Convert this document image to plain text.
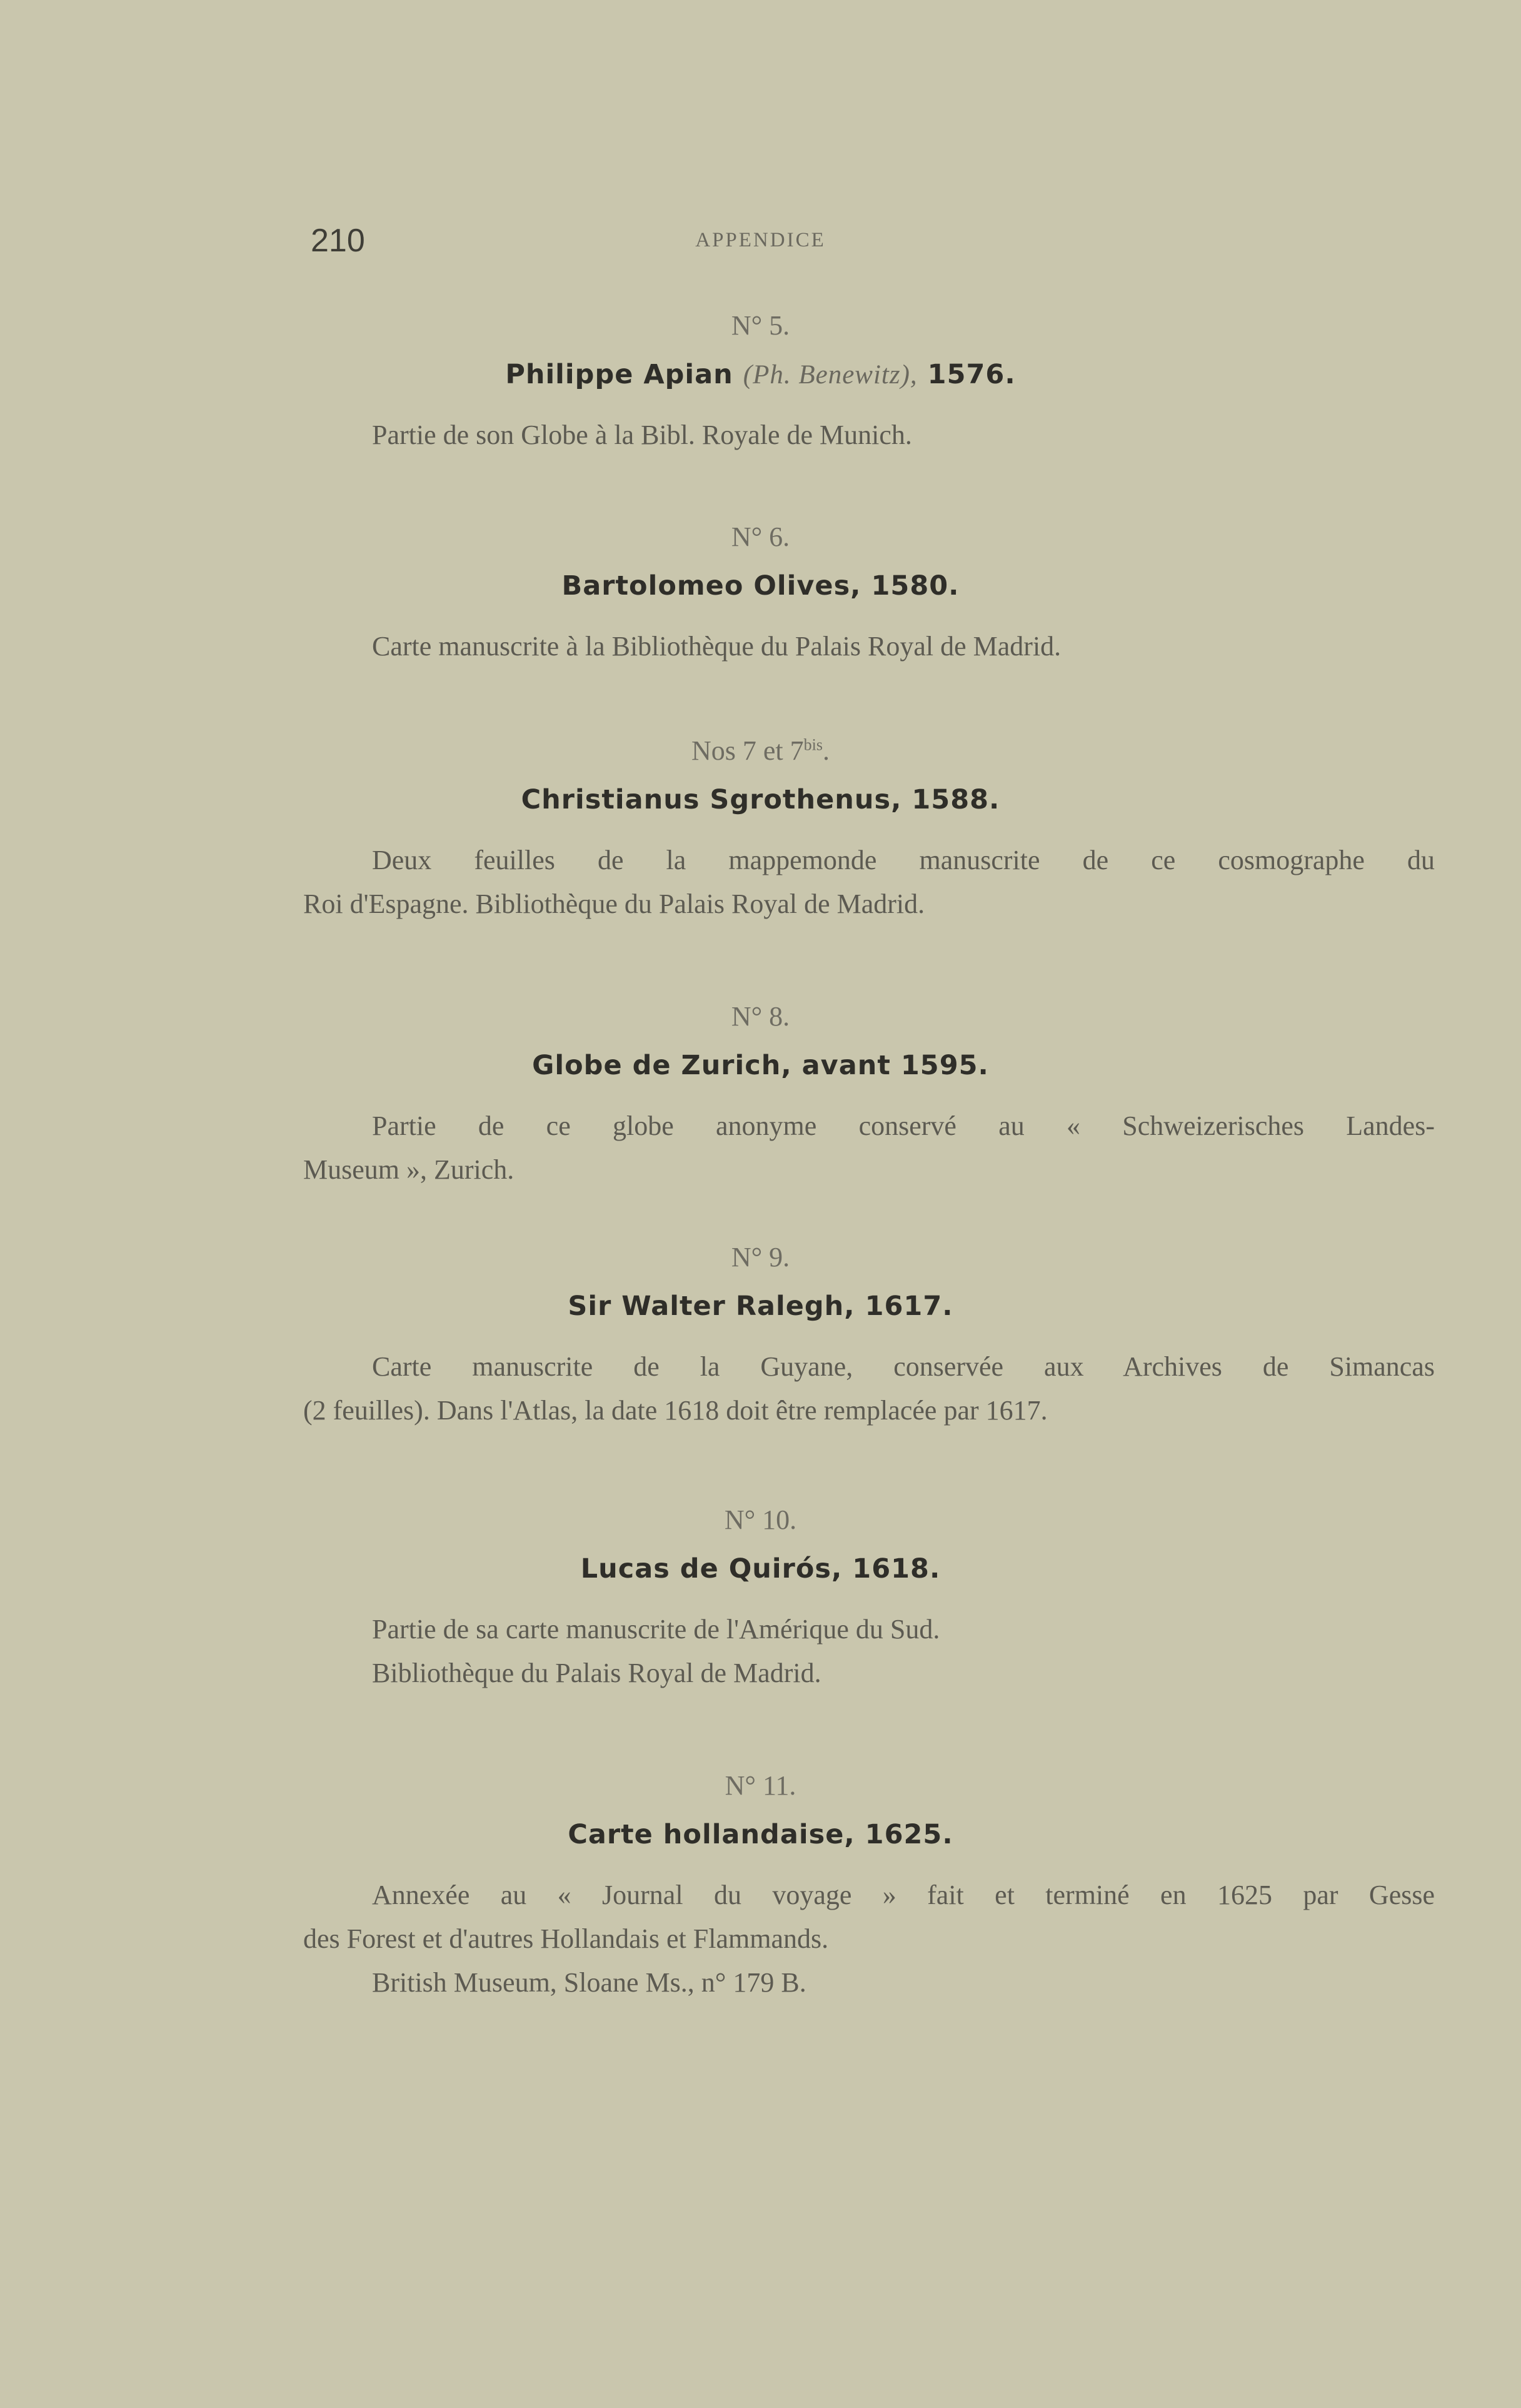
210	APPENDICE
N° 5.
Philippe Apian (Ph. Benewitz), 1576.
Partie de son Globe à la Bibl. Royale de Munich.
N° 6.
Bartolomeo Olives, 1580.
Carte manuscrite à la Bibliothèque du Palais Royal de Madrid.
Nos 7 et $7^{bis}$.
Christianus Sgrothenus, 1588.
Deux feuilles de la mappemonde manuscrite de ce cosmographe du
Roi d'Espagne. Bibliothèque du Palais Royal de Madrid.
N° 8.
Globe de Zurich, avant 1595.
Partie de ce globe anonyme conservé au « Schweizerisches Landes-
Museum », Zurich.
N° 9.
Sir Walter Ralegh, 1617.
Carte manuscrite de la Guyane, conservée aux Archives de Simancas
(2 feuilles). Dans l'Atlas, la date 1618 doit être remplacée par 1617.
N° 10.
Lucas de Quirós, 1618.
Partie de sa carte manuscrite de l'Amérique du Sud.
Bibliothèque du Palais Royal de Madrid.
N° 11.
Carte hollandaise, 1625.
Annexée au « Journal du voyage » fait et terminé en 1625 par Gesse
des Forest et d'autres Hollandais et Flammands.
British Museum, Sloane Ms., n° 179 B.
